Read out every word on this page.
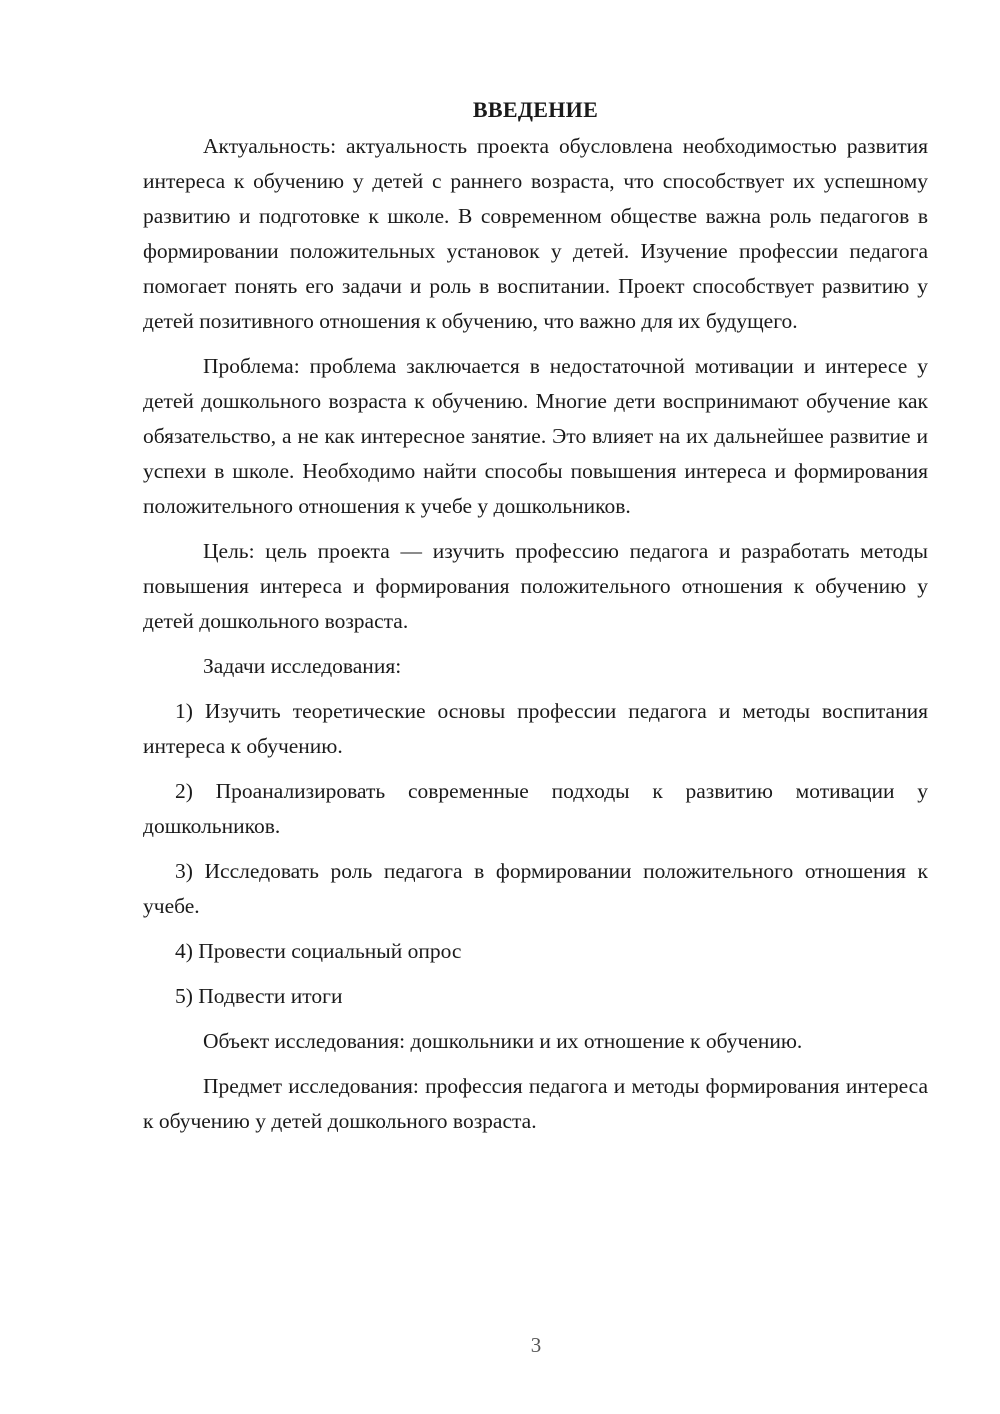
ВВЕДЕНИЕ

Актуальность: актуальность проекта обусловлена необходимостью развития интереса к обучению у детей с раннего возраста, что способствует их успешному развитию и подготовке к школе. В современном обществе важна роль педагогов в формировании положительных установок у детей. Изучение профессии педагога помогает понять его задачи и роль в воспитании. Проект способствует развитию у детей позитивного отношения к обучению, что важно для их будущего.

Проблема: проблема заключается в недостаточной мотивации и интересе у детей дошкольного возраста к обучению. Многие дети воспринимают обучение как обязательство, а не как интересное занятие. Это влияет на их дальнейшее развитие и успехи в школе. Необходимо найти способы повышения интереса и формирования положительного отношения к учебе у дошкольников.

Цель: цель проекта — изучить профессию педагога и разработать методы повышения интереса и формирования положительного отношения к обучению у детей дошкольного возраста.

Задачи исследования:

1) Изучить теоретические основы профессии педагога и методы воспитания интереса к обучению.

2) Проанализировать современные подходы к развитию мотивации у дошкольников.

3) Исследовать роль педагога в формировании положительного отношения к учебе.

4) Провести социальный опрос

5) Подвести итоги

Объект исследования: дошкольники и их отношение к обучению.

Предмет исследования: профессия педагога и методы формирования интереса к обучению у детей дошкольного возраста.

3
